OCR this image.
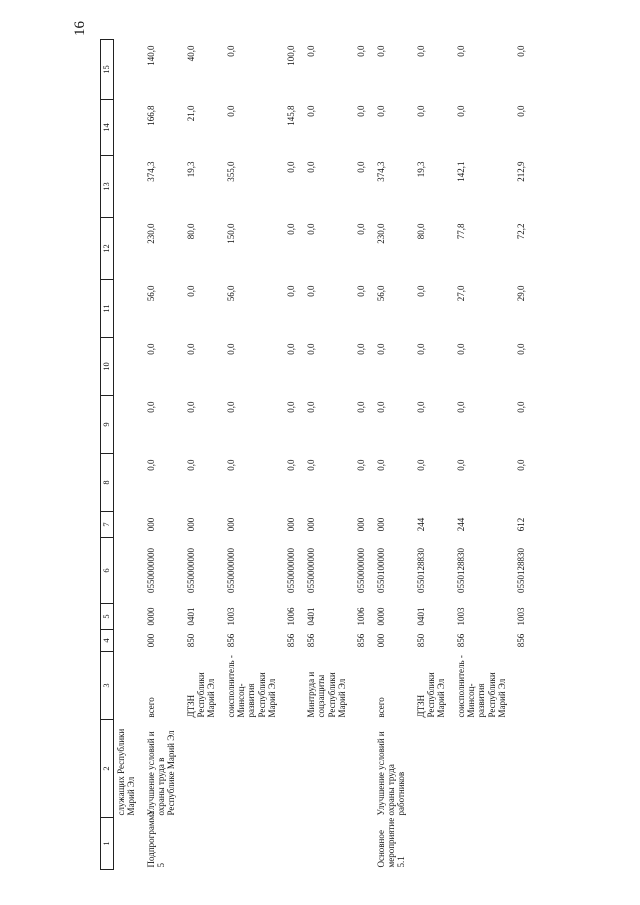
16
1	2	3	4	5	6	7	8	9	10	11	12	13	14	15
	служащих Республики Марий Эл													
Подпрограмма 5	Улучшение условий и охраны труда в Республике Марий Эл	всего	000	0000	0550000000	000	0,0	0,0	0,0	56,0	230,0	374,3	166,8	140,0
		ДТЗН Республики Марий Эл	850	0401	0550000000	000	0,0	0,0	0,0	0,0	80,0	19,3	21,0	40,0
		соисполнитель - Минсоц-развития Республики Марий Эл	856	1003	0550000000	000	0,0	0,0	0,0	56,0	150,0	355,0	0,0	0,0
			856	1006	0550000000	000	0,0	0,0	0,0	0,0	0,0	0,0	145,8	100,0
		Минтруда и соцзащиты Республики Марий Эл	856	0401	0550000000	000	0,0	0,0	0,0	0,0	0,0	0,0	0,0	0,0
			856	1006	0550000000	000	0,0	0,0	0,0	0,0	0,0	0,0	0,0	0,0
Основное мероприятие 5.1	Улучшение условий и охраны труда работников	всего	000	0000	0550100000	000	0,0	0,0	0,0	56,0	230,0	374,3	0,0	0,0
		ДТЗН Республики Марий Эл	850	0401	0550128830	244	0,0	0,0	0,0	0,0	80,0	19,3	0,0	0,0
		соисполнитель - Минсоц-развития Республики Марий Эл	856	1003	0550128830	244	0,0	0,0	0,0	27,0	77,8	142,1	0,0	0,0
			856	1003	0550128830	612	0,0	0,0	0,0	29,0	72,2	212,9	0,0	0,0
